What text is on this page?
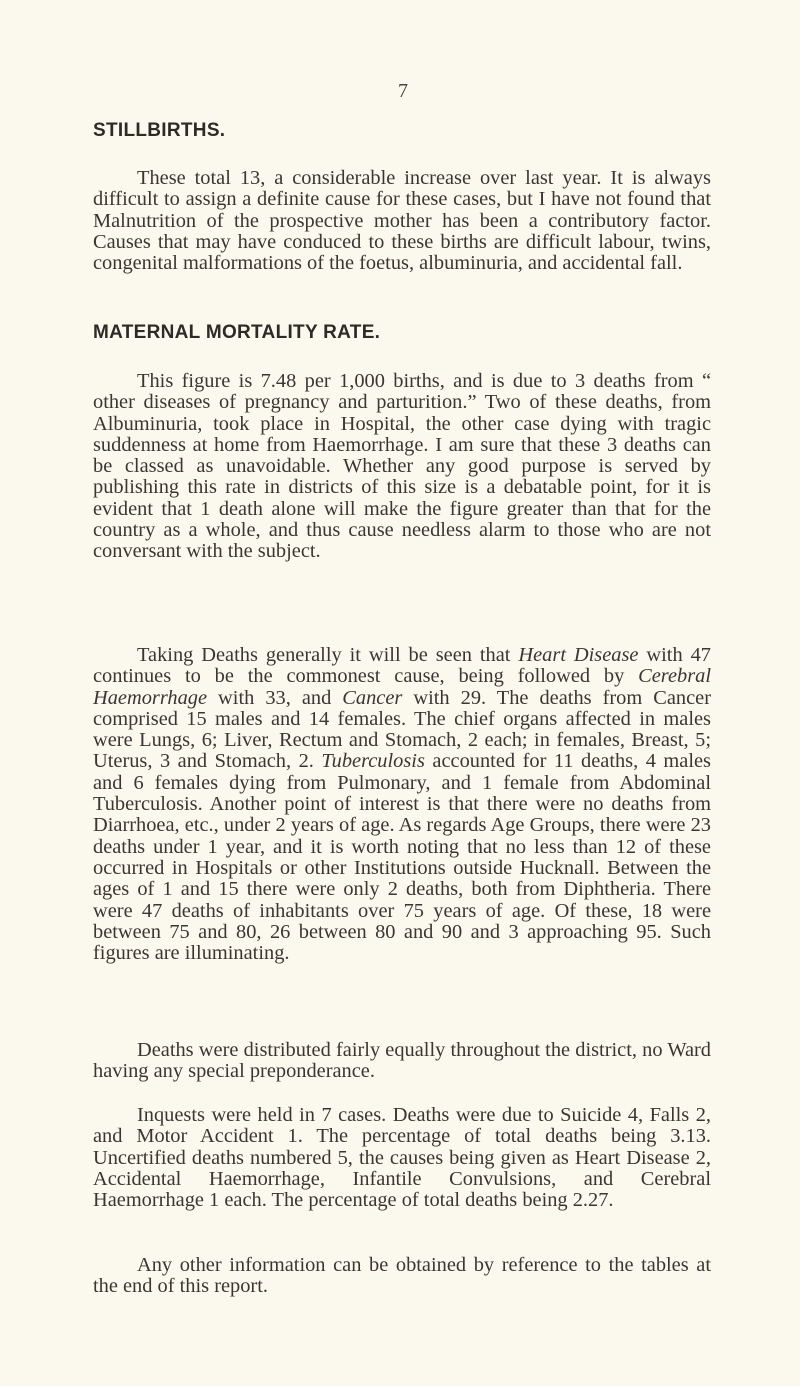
7
STILLBIRTHS.

These total 13, a considerable increase over last year. It is always difficult to assign a definite cause for these cases, but I have not found that Malnutrition of the prospective mother has been a contributory factor. Causes that may have conduced to these births are difficult labour, twins, congenital malformations of the foetus, albuminuria, and accidental fall.

MATERNAL MORTALITY RATE.

This figure is 7.48 per 1,000 births, and is due to 3 deaths from “ other diseases of pregnancy and parturition.” Two of these deaths, from Albuminuria, took place in Hospital, the other case dying with tragic suddenness at home from Haemorrhage. I am sure that these 3 deaths can be classed as unavoidable. Whether any good purpose is served by publishing this rate in districts of this size is a debatable point, for it is evident that 1 death alone will make the figure greater than that for the country as a whole, and thus cause needless alarm to those who are not conversant with the subject.

Taking Deaths generally it will be seen that Heart Disease with 47 continues to be the commonest cause, being followed by Cerebral Haemorrhage with 33, and Cancer with 29. The deaths from Cancer comprised 15 males and 14 females. The chief organs affected in males were Lungs, 6; Liver, Rectum and Stomach, 2 each; in females, Breast, 5; Uterus, 3 and Stomach, 2. Tuberculosis accounted for 11 deaths, 4 males and 6 females dying from Pulmonary, and 1 female from Abdominal Tuberculosis. Another point of interest is that there were no deaths from Diarrhoea, etc., under 2 years of age. As regards Age Groups, there were 23 deaths under 1 year, and it is worth noting that no less than 12 of these occurred in Hospitals or other Institutions outside Hucknall. Between the ages of 1 and 15 there were only 2 deaths, both from Diphtheria. There were 47 deaths of inhabitants over 75 years of age. Of these, 18 were between 75 and 80, 26 between 80 and 90 and 3 approaching 95. Such figures are illuminating.

Deaths were distributed fairly equally throughout the district, no Ward having any special preponderance.

Inquests were held in 7 cases. Deaths were due to Suicide 4, Falls 2, and Motor Accident 1. The percentage of total deaths being 3.13. Uncertified deaths numbered 5, the causes being given as Heart Disease 2, Accidental Haemorrhage, Infantile Convulsions, and Cerebral Haemorrhage 1 each. The percentage of total deaths being 2.27.

Any other information can be obtained by reference to the tables at the end of this report.
